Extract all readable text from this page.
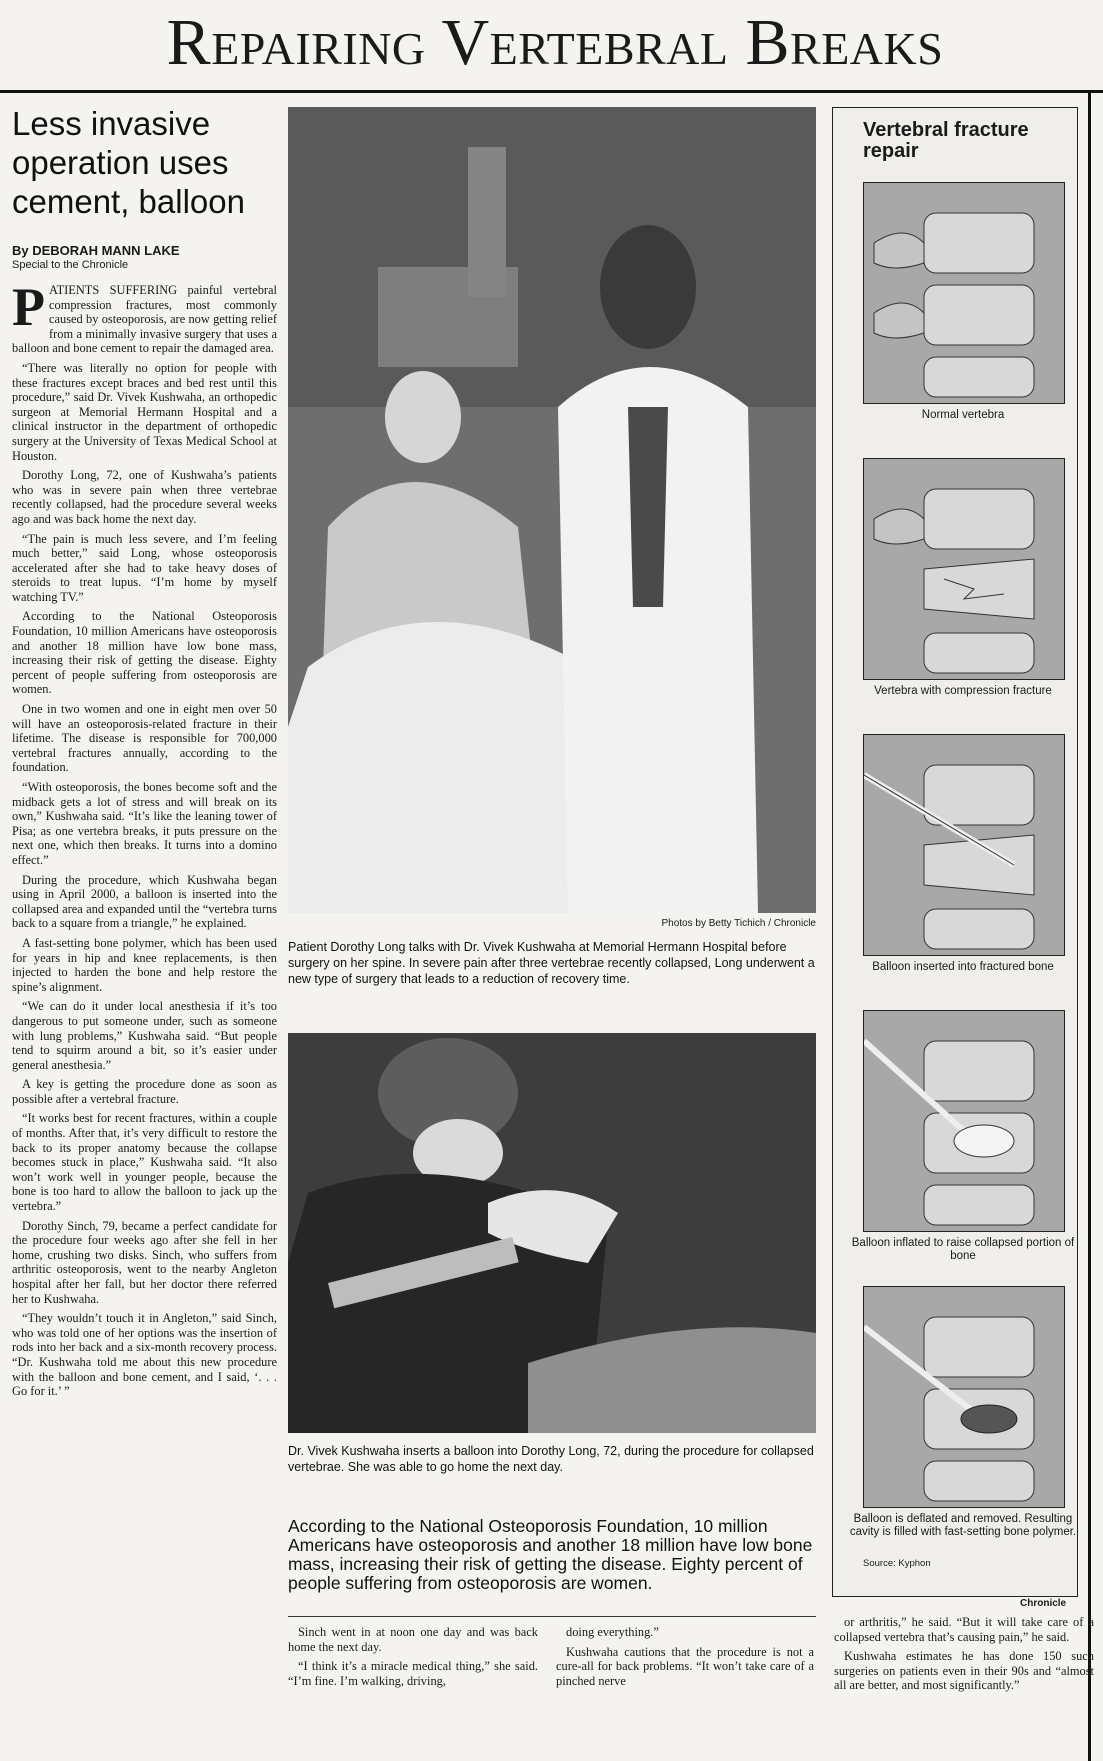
Repairing Vertebral Breaks
Less invasive operation uses cement, balloon
By DEBORAH MANN LAKE
Special to the Chronicle

PATIENTS SUFFERING painful vertebral compression fractures, most commonly caused by osteoporosis, are now getting relief from a minimally invasive surgery that uses a balloon and bone cement to repair the damaged area.

“There was literally no option for people with these fractures except braces and bed rest until this procedure,” said Dr. Vivek Kushwaha, an orthopedic surgeon at Memorial Hermann Hospital and a clinical instructor in the department of orthopedic surgery at the University of Texas Medical School at Houston.

Dorothy Long, 72, one of Kushwaha’s patients who was in severe pain when three vertebrae recently collapsed, had the procedure several weeks ago and was back home the next day.

“The pain is much less severe, and I’m feeling much better,” said Long, whose osteoporosis accelerated after she had to take heavy doses of steroids to treat lupus. “I’m home by myself watching TV.”

According to the National Osteoporosis Foundation, 10 million Americans have osteoporosis and another 18 million have low bone mass, increasing their risk of getting the disease. Eighty percent of people suffering from osteoporosis are women.

One in two women and one in eight men over 50 will have an osteoporosis-related fracture in their lifetime. The disease is responsible for 700,000 vertebral fractures annually, according to the foundation.

“With osteoporosis, the bones become soft and the midback gets a lot of stress and will break on its own,” Kushwaha said. “It’s like the leaning tower of Pisa; as one vertebra breaks, it puts pressure on the next one, which then breaks. It turns into a domino effect.”

During the procedure, which Kushwaha began using in April 2000, a balloon is inserted into the collapsed area and expanded until the “vertebra turns back to a square from a triangle,” he explained.

A fast-setting bone polymer, which has been used for years in hip and knee replacements, is then injected to harden the bone and help restore the spine’s alignment.

“We can do it under local anesthesia if it’s too dangerous to put someone under, such as someone with lung problems,” Kushwaha said. “But people tend to squirm around a bit, so it’s easier under general anesthesia.”

A key is getting the procedure done as soon as possible after a vertebral fracture.

“It works best for recent fractures, within a couple of months. After that, it’s very difficult to restore the back to its proper anatomy because the collapse becomes stuck in place,” Kushwaha said. “It also won’t work well in younger people, because the bone is too hard to allow the balloon to jack up the vertebra.”

Dorothy Sinch, 79, became a perfect candidate for the procedure four weeks ago after she fell in her home, crushing two disks. Sinch, who suffers from arthritic osteoporosis, went to the nearby Angleton hospital after her fall, but her doctor there referred her to Kushwaha.

“They wouldn’t touch it in Angleton,” said Sinch, who was told one of her options was the insertion of rods into her back and a six-month recovery process. “Dr. Kushwaha told me about this new procedure with the balloon and bone cement, and I said, ‘. . . Go for it.’ ”

Photos by Betty Tichich / Chronicle

Patient Dorothy Long talks with Dr. Vivek Kushwaha at Memorial Hermann Hospital before surgery on her spine. In severe pain after three vertebrae recently collapsed, Long underwent a new type of surgery that leads to a reduction of recovery time.

Dr. Vivek Kushwaha inserts a balloon into Dorothy Long, 72, during the procedure for collapsed vertebrae. She was able to go home the next day.

According to the National Osteoporosis Foundation, 10 million Americans have osteoporosis and another 18 million have low bone mass, increasing their risk of getting the disease. Eighty percent of people suffering from osteoporosis are women.

Sinch went in at noon one day and was back home the next day.

“I think it’s a miracle medical thing,” she said. “I’m fine. I’m walking, driving,

doing everything.”

Kushwaha cautions that the procedure is not a cure-all for back problems. “It won’t take care of a pinched nerve

or arthritis,” he said. “But it will take care of a collapsed vertebra that’s causing pain,” he said.

Kushwaha estimates he has done 150 such surgeries on patients even in their 90s and “almost all are better, and most significantly.”

Vertebral fracture repair

Normal vertebra

Vertebra with compression fracture

Balloon inserted into fractured bone

Balloon inflated to raise collapsed portion of bone

Balloon is deflated and removed. Resulting cavity is filled with fast-setting bone polymer.

Source: Kyphon
Chronicle
